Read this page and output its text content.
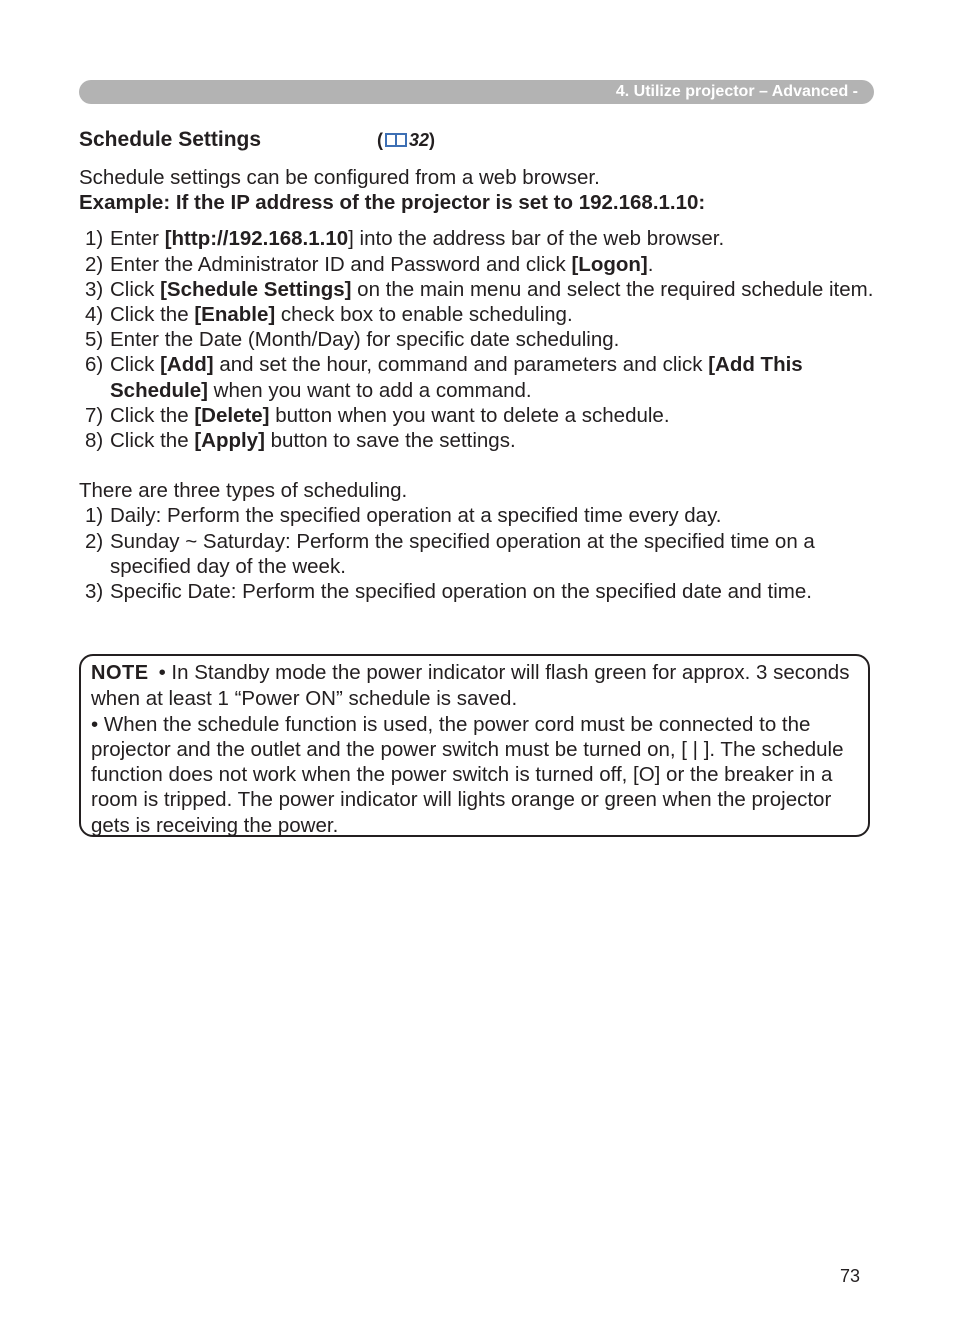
4. Utilize projector – Advanced -
Schedule Settings	( 32)

Schedule settings can be configured from a web browser.

Example: If the IP address of the projector is set to 192.168.1.10:

1) Enter [http://192.168.1.10] into the address bar of the web browser.
2) Enter the Administrator ID and Password and click [Logon].
3) Click [Schedule Settings] on the main menu and select the required schedule item.
4) Click the [Enable] check box to enable scheduling.
5) Enter the Date (Month/Day) for specific date scheduling.
6) Click [Add] and set the hour, command and parameters and click [Add This Schedule] when you want to add a command.
7) Click the [Delete] button when you want to delete a schedule.
8) Click the [Apply] button to save the settings.

There are three types of scheduling.

1) Daily: Perform the specified operation at a specified time every day.
2) Sunday ~ Saturday: Perform the specified operation at the specified time on a specified day of the week.
3) Specific Date: Perform the specified operation on the specified date and time.

NOTE • In Standby mode the power indicator will flash green for approx. 3 seconds when at least 1 “Power ON” schedule is saved.

• When the schedule function is used, the power cord must be connected to the projector and the outlet and the power switch must be turned on, [ | ]. The schedule function does not work when the power switch is turned off, [O] or the breaker in a room is tripped. The power indicator will lights orange or green when the projector gets is receiving the power.

73
